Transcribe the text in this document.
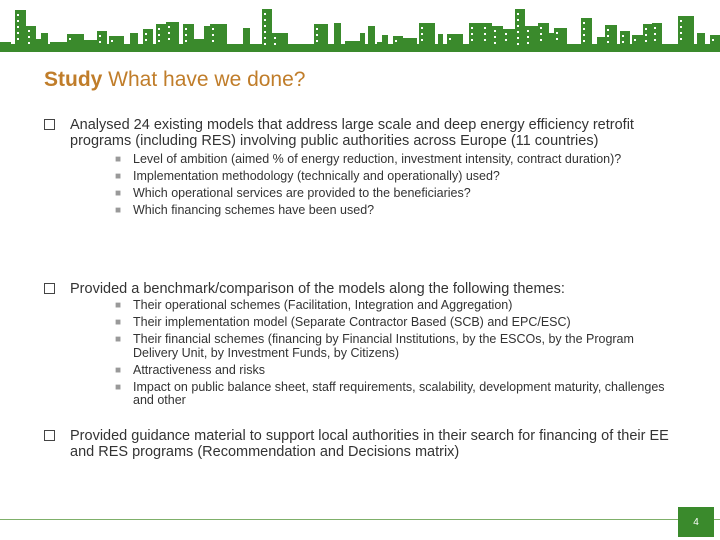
Study What have we done?
Analysed 24 existing models that address large scale and deep energy efficiency retrofit programs (including RES) involving public authorities across Europe (11 countries)
■ Level of ambition (aimed % of energy reduction, investment intensity, contract duration)?
■ Implementation methodology (technically and operationally) used?
■ Which operational services are provided to the beneficiaries?
■ Which financing schemes have been used?
Provided a benchmark/comparison of the models along the following themes:
■ Their operational schemes (Facilitation, Integration and Aggregation)
■ Their implementation model (Separate Contractor Based (SCB) and EPC/ESC)
■ Their financial schemes (financing by Financial Institutions, by the ESCOs, by the Program Delivery Unit, by Investment Funds, by Citizens)
■ Attractiveness and risks
■ Impact on public balance sheet, staff requirements, scalability, development maturity, challenges and other
Provided guidance material to support local authorities in their search for financing of their EE and RES programs (Recommendation and Decisions matrix)
4
